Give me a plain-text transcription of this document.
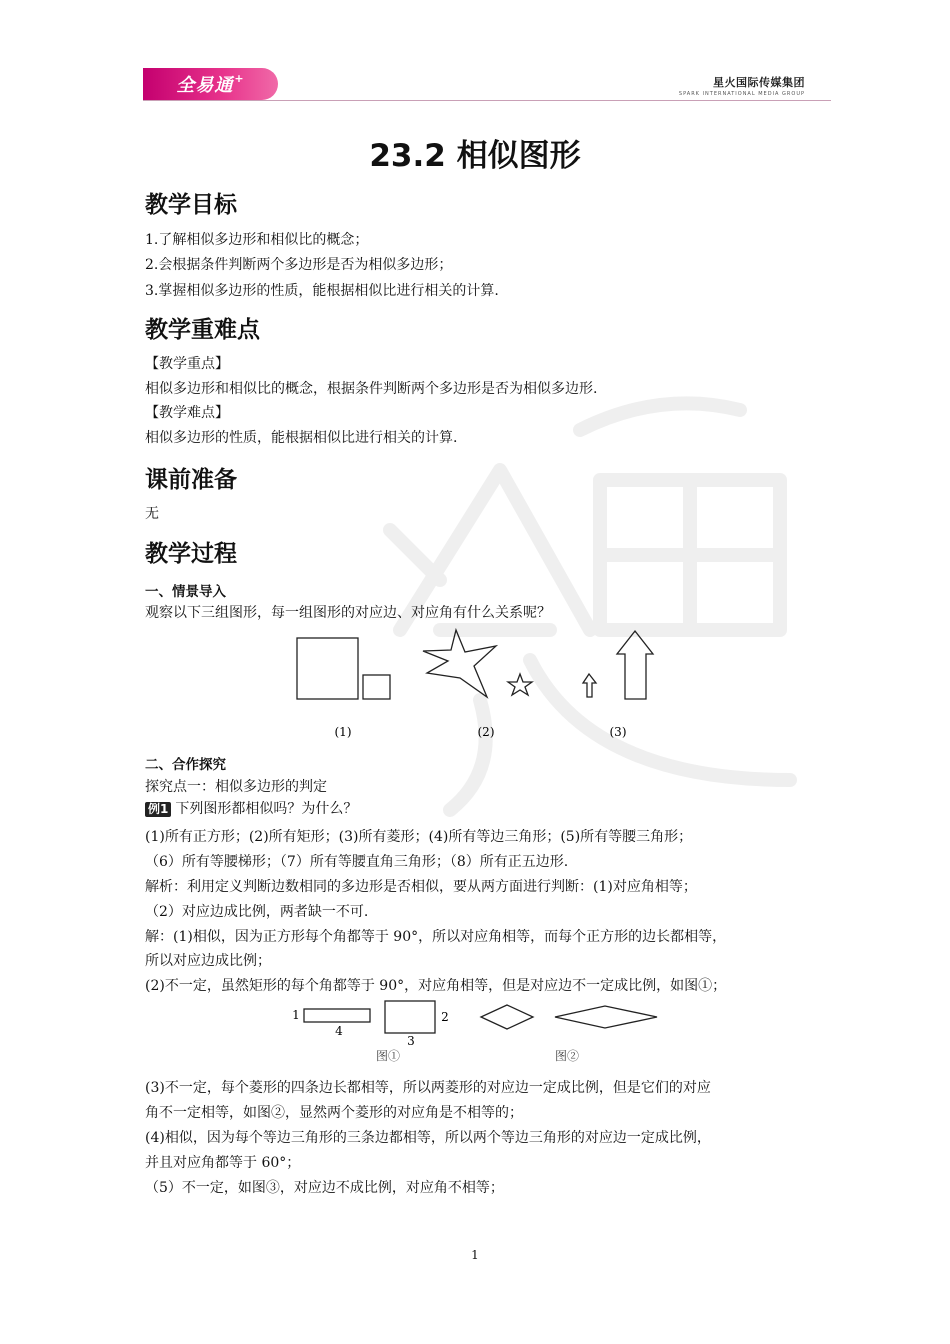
全易通 +	星火国际传媒集团
SPARK INTERNATIONAL MEDIA GROUP
23.2 相似图形
教学目标
1.了解相似多边形和相似比的概念；
2.会根据条件判断两个多边形是否为相似多边形；
3.掌握相似多边形的性质，能根据相似比进行相关的计算.
教学重难点
【教学重点】
相似多边形和相似比的概念，根据条件判断两个多边形是否为相似多边形.
【教学难点】
相似多边形的性质，能根据相似比进行相关的计算.
课前准备
无
教学过程
一、情景导入
观察以下三组图形，每一组图形的对应边、对应角有什么关系呢？
(1)	(2)	(3)
二、合作探究
探究点一：相似多边形的判定
例1 下列图形都相似吗？为什么？
(1)所有正方形；(2)所有矩形；(3)所有菱形；(4)所有等边三角形；(5)所有等腰三角形；
（6）所有等腰梯形；（7）所有等腰直角三角形；（8）所有正五边形.
解析：利用定义判断边数相同的多边形是否相似，要从两方面进行判断：(1)对应角相等；
（2）对应边成比例，两者缺一不可.
解：(1)相似，因为正方形每个角都等于 90°，所以对应角相等，而每个正方形的边长都相等，
所以对应边成比例；
(2)不一定，虽然矩形的每个角都等于 90°，对应角相等，但是对应边不一定成比例，如图①；
1
4
2
3
图①	图②
(3)不一定，每个菱形的四条边长都相等，所以两菱形的对应边一定成比例，但是它们的对应
角不一定相等，如图②，显然两个菱形的对应角是不相等的；
(4)相似，因为每个等边三角形的三条边都相等，所以两个等边三角形的对应边一定成比例，
并且对应角都等于 60°；
（5）不一定，如图③，对应边不成比例，对应角不相等；
1
